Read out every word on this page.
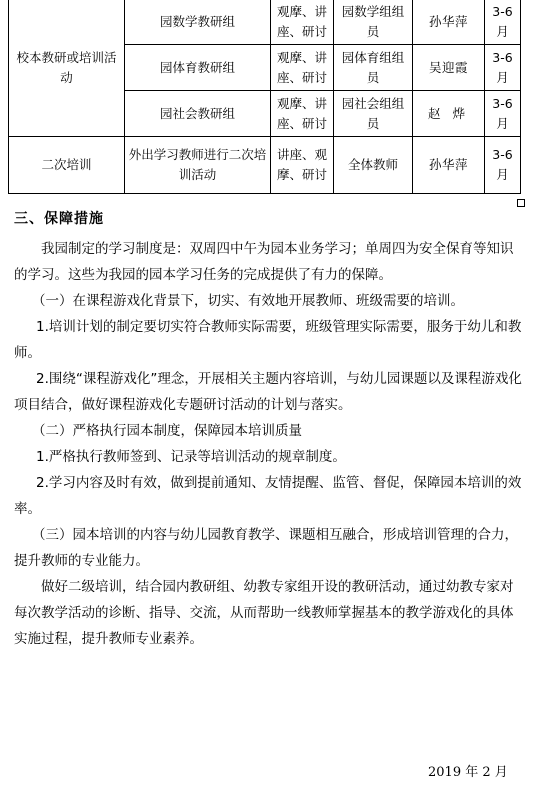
校本教研或培训活动	园数学教研组	观摩、讲座、研讨	园数学组组员	孙华萍	3-6月
	园体育教研组	观摩、讲座、研讨	园体育组组员	吴迎霞	3-6月
	园社会教研组	观摩、讲座、研讨	园社会组组员	赵 烨	3-6月
二次培训	外出学习教师进行二次培训活动	讲座、观摩、研讨	全体教师	孙华萍	3-6月
三、保障措施

我园制定的学习制度是：双周四中午为园本业务学习；单周四为安全保育等知识的学习。这些为我园的园本学习任务的完成提供了有力的保障。

（一）在课程游戏化背景下，切实、有效地开展教师、班级需要的培训。

1.培训计划的制定要切实符合教师实际需要，班级管理实际需要，服务于幼儿和教师。

2.围绕“课程游戏化”理念，开展相关主题内容培训，与幼儿园课题以及课程游戏化项目结合，做好课程游戏化专题研讨活动的计划与落实。

（二）严格执行园本制度，保障园本培训质量

1.严格执行教师签到、记录等培训活动的规章制度。

2.学习内容及时有效，做到提前通知、友情提醒、监管、督促，保障园本培训的效率。

（三）园本培训的内容与幼儿园教育教学、课题相互融合，形成培训管理的合力，提升教师的专业能力。

做好二级培训，结合园内教研组、幼教专家组开设的教研活动，通过幼教专家对每次教学活动的诊断、指导、交流，从而帮助一线教师掌握基本的教学游戏化的具体实施过程，提升教师专业素养。

2019 年 2 月
